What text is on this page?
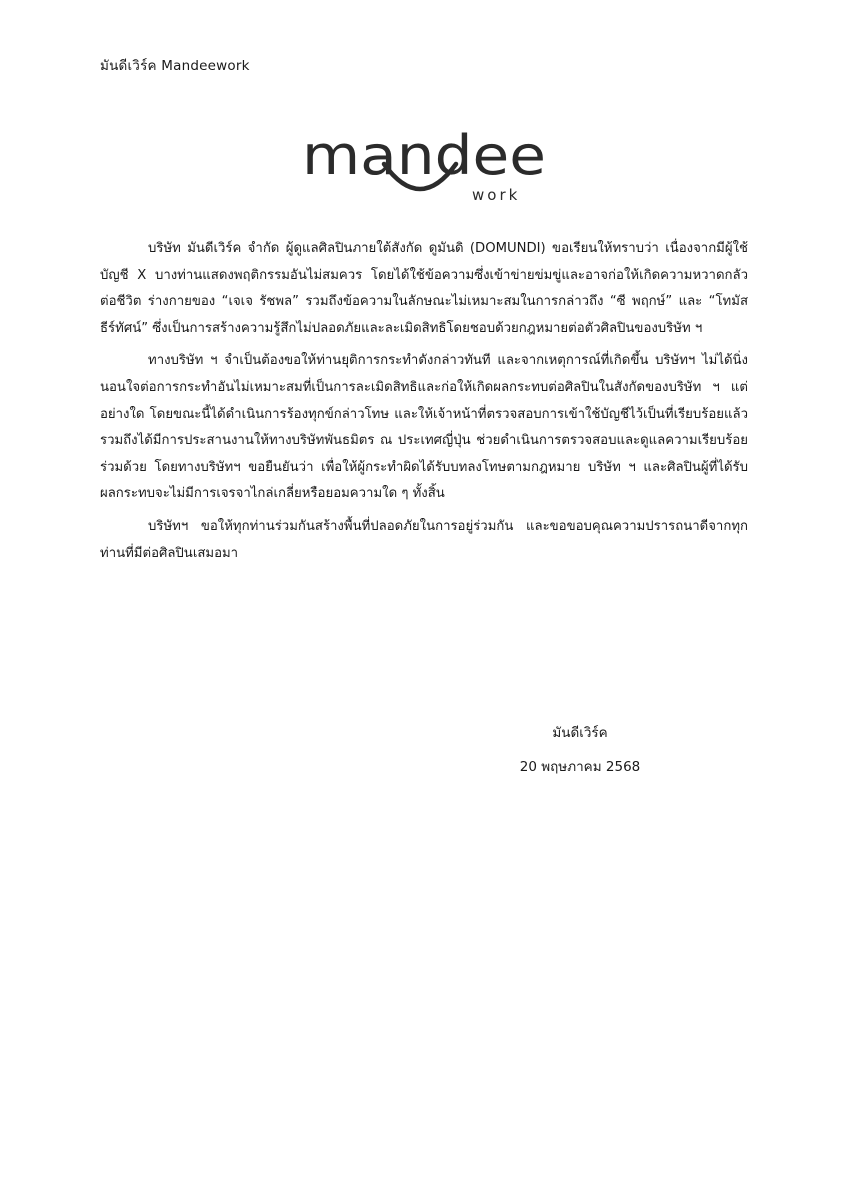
มันดีเวิร์ค Mandeework
mandee
work

บริษัท มันดีเวิร์ค จำกัด ผู้ดูแลศิลปินภายใต้สังกัด ดูมันดิ (DOMUNDI) ขอเรียนให้ทราบว่า เนื่องจากมีผู้ใช้บัญชี X บางท่านแสดงพฤติกรรมอันไม่สมควร โดยได้ใช้ข้อความซึ่งเข้าข่ายข่มขู่และอาจก่อให้เกิดความหวาดกลัวต่อชีวิต ร่างกายของ “เจเจ รัชพล” รวมถึงข้อความในลักษณะไม่เหมาะสมในการกล่าวถึง “ซี พฤกษ์” และ “โทมัส ธีร์ทัศน์” ซึ่งเป็นการสร้างความรู้สึกไม่ปลอดภัยและละเมิดสิทธิโดยชอบด้วยกฎหมายต่อตัวศิลปินของบริษัท ฯ

ทางบริษัท ฯ จำเป็นต้องขอให้ท่านยุติการกระทำดังกล่าวทันที และจากเหตุการณ์ที่เกิดขึ้น บริษัทฯ ไม่ได้นิ่งนอนใจต่อการกระทำอันไม่เหมาะสมที่เป็นการละเมิดสิทธิและก่อให้เกิดผลกระทบต่อศิลปินในสังกัดของบริษัท ฯ แต่อย่างใด โดยขณะนี้ได้ดำเนินการร้องทุกข์กล่าวโทษ และให้เจ้าหน้าที่ตรวจสอบการเข้าใช้บัญชีไว้เป็นที่เรียบร้อยแล้ว รวมถึงได้มีการประสานงานให้ทางบริษัทพันธมิตร ณ ประเทศญี่ปุ่น ช่วยดำเนินการตรวจสอบและดูแลความเรียบร้อยร่วมด้วย โดยทางบริษัทฯ ขอยืนยันว่า เพื่อให้ผู้กระทำผิดได้รับบทลงโทษตามกฎหมาย บริษัท ฯ และศิลปินผู้ที่ได้รับผลกระทบจะไม่มีการเจรจาไกล่เกลี่ยหรือยอมความใด ๆ ทั้งสิ้น

บริษัทฯ ขอให้ทุกท่านร่วมกันสร้างพื้นที่ปลอดภัยในการอยู่ร่วมกัน และขอขอบคุณความปรารถนาดีจากทุกท่านที่มีต่อศิลปินเสมอมา

มันดีเวิร์ค
20 พฤษภาคม 2568
